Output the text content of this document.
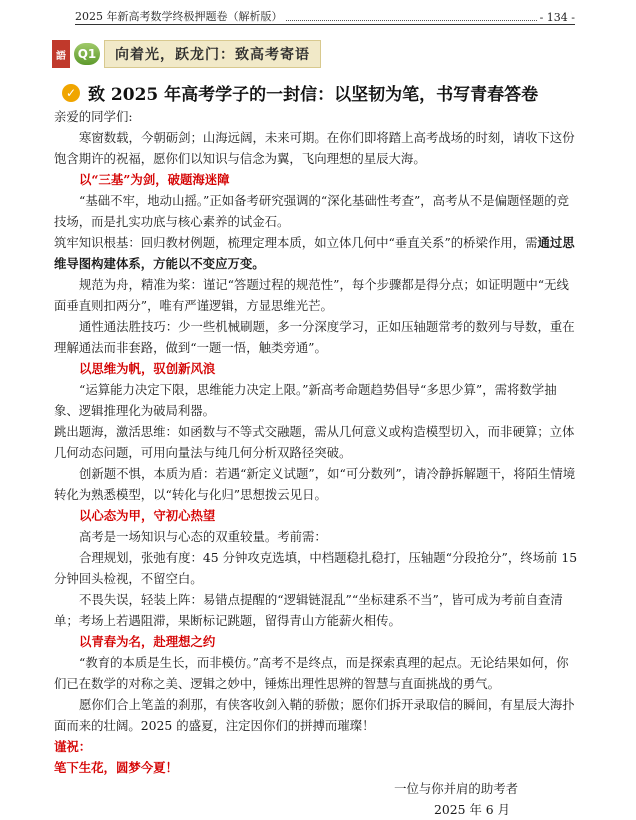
2025 年新高考数学终极押题卷（解析版）	- 134 -
語 Q1	向着光，跃龙门：致高考寄语
✓ 致 2025 年高考学子的一封信：以坚韧为笔，书写青春答卷

亲爱的同学们:

寒窗数载，今朝砺剑；山海远阔，未来可期。在你们即将踏上高考战场的时刻，请收下这份饱含期许的祝福，愿你们以知识与信念为翼，飞向理想的星辰大海。

以“三基”为剑，破题海迷障

“基础不牢，地动山摇。”正如备考研究强调的“深化基础性考查”，高考从不是偏题怪题的竞技场，而是扎实功底与核心素养的试金石。

筑牢知识根基：回归教材例题，梳理定理本质，如立体几何中“垂直关系”的桥梁作用，需通过思维导图构建体系，方能以不变应万变。

规范为舟，精准为桨：谨记“答题过程的规范性”，每个步骤都是得分点；如证明题中“无线面垂直则扣两分”，唯有严谨逻辑，方显思维光芒。

通性通法胜技巧：少一些机械刷题，多一分深度学习，正如压轴题常考的数列与导数，重在理解通法而非套路，做到“一题一悟，触类旁通”。

以思维为帆，驭创新风浪

“运算能力决定下限，思维能力决定上限。”新高考命题趋势倡导“多思少算”，需将数学抽象、逻辑推理化为破局利器。

跳出题海，激活思维：如函数与不等式交融题，需从几何意义或构造模型切入，而非硬算；立体几何动态问题，可用向量法与纯几何分析双路径突破。

创新题不惧，本质为盾：若遇“新定义试题”，如“可分数列”，请冷静拆解题干，将陌生情境转化为熟悉模型，以“转化与化归”思想拨云见日。

以心态为甲，守初心热望

高考是一场知识与心态的双重较量。考前需：

合理规划，张弛有度：45 分钟攻克选填，中档题稳扎稳打，压轴题“分段抢分”，终场前 15 分钟回头检视，不留空白。

不畏失误，轻装上阵：易错点提醒的“逻辑链混乱”“坐标建系不当”，皆可成为考前自查清单；考场上若遇阻滞，果断标记跳题，留得青山方能薪火相传。

以青春为名，赴理想之约

“教育的本质是生长，而非模仿。”高考不是终点，而是探索真理的起点。无论结果如何，你们已在数学的对称之美、逻辑之妙中，锤炼出理性思辨的智慧与直面挑战的勇气。

愿你们合上笔盖的刹那，有侠客收剑入鞘的骄傲；愿你们拆开录取信的瞬间，有星辰大海扑面而来的壮阔。2025 的盛夏，注定因你们的拼搏而璀璨！

谨祝：

笔下生花，圆梦今夏！

一位与你并肩的助考者

2025 年 6 月
